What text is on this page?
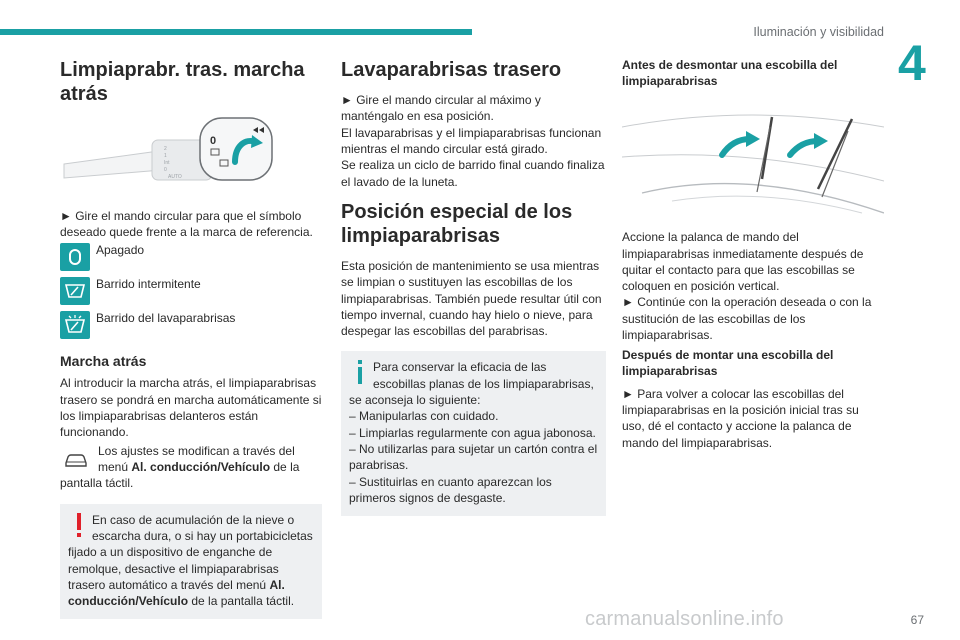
Iluminación y visibilidad
4
Limpiaprabr. tras. marcha atrás
2
1
Int
0
AUTO
0

► Gire el mando circular para que el símbolo deseado quede frente a la marca de referencia.

Apagado
Barrido intermitente
Barrido del lavaparabrisas
Marcha atrás

Al introducir la marcha atrás, el limpiaparabrisas trasero se pondrá en marcha automáticamente si los limpiaparabrisas delanteros están funcionando.

Los ajustes se modifican a través del menú Al. conducción/Vehículo de la pantalla táctil.

En caso de acumulación de la nieve o escarcha dura, o si hay un portabicicletas fijado a un dispositivo de enganche de remolque, desactive el limpiaparabrisas trasero automático a través del menú Al. conducción/Vehículo de la pantalla táctil.

Lavaparabrisas trasero

► Gire el mando circular al máximo y manténgalo en esa posición.

El lavaparabrisas y el limpiaparabrisas funcionan mientras el mando circular está girado.

Se realiza un ciclo de barrido final cuando finaliza el lavado de la luneta.

Posición especial de los limpiaparabrisas

Esta posición de mantenimiento se usa mientras se limpian o sustituyen las escobillas de los limpiaparabrisas. También puede resultar útil con tiempo invernal, cuando hay hielo o nieve, para despegar las escobillas del parabrisas.

Para conservar la eficacia de las escobillas planas de los limpiaparabrisas, se aconseja lo siguiente:

– Manipularlas con cuidado.

– Limpiarlas regularmente con agua jabonosa.

– No utilizarlas para sujetar un cartón contra el parabrisas.

– Sustituirlas en cuanto aparezcan los primeros signos de desgaste.

Antes de desmontar una escobilla del limpiaparabrisas

Accione la palanca de mando del limpiaparabrisas inmediatamente después de quitar el contacto para que las escobillas se coloquen en posición vertical.

► Continúe con la operación deseada o con la sustitución de las escobillas de los limpiaparabrisas.

Después de montar una escobilla del limpiaparabrisas

► Para volver a colocar las escobillas del limpiaparabrisas en la posición inicial tras su uso, dé el contacto y accione la palanca de mando del limpiaparabrisas.

carmanualsonline.info	67
